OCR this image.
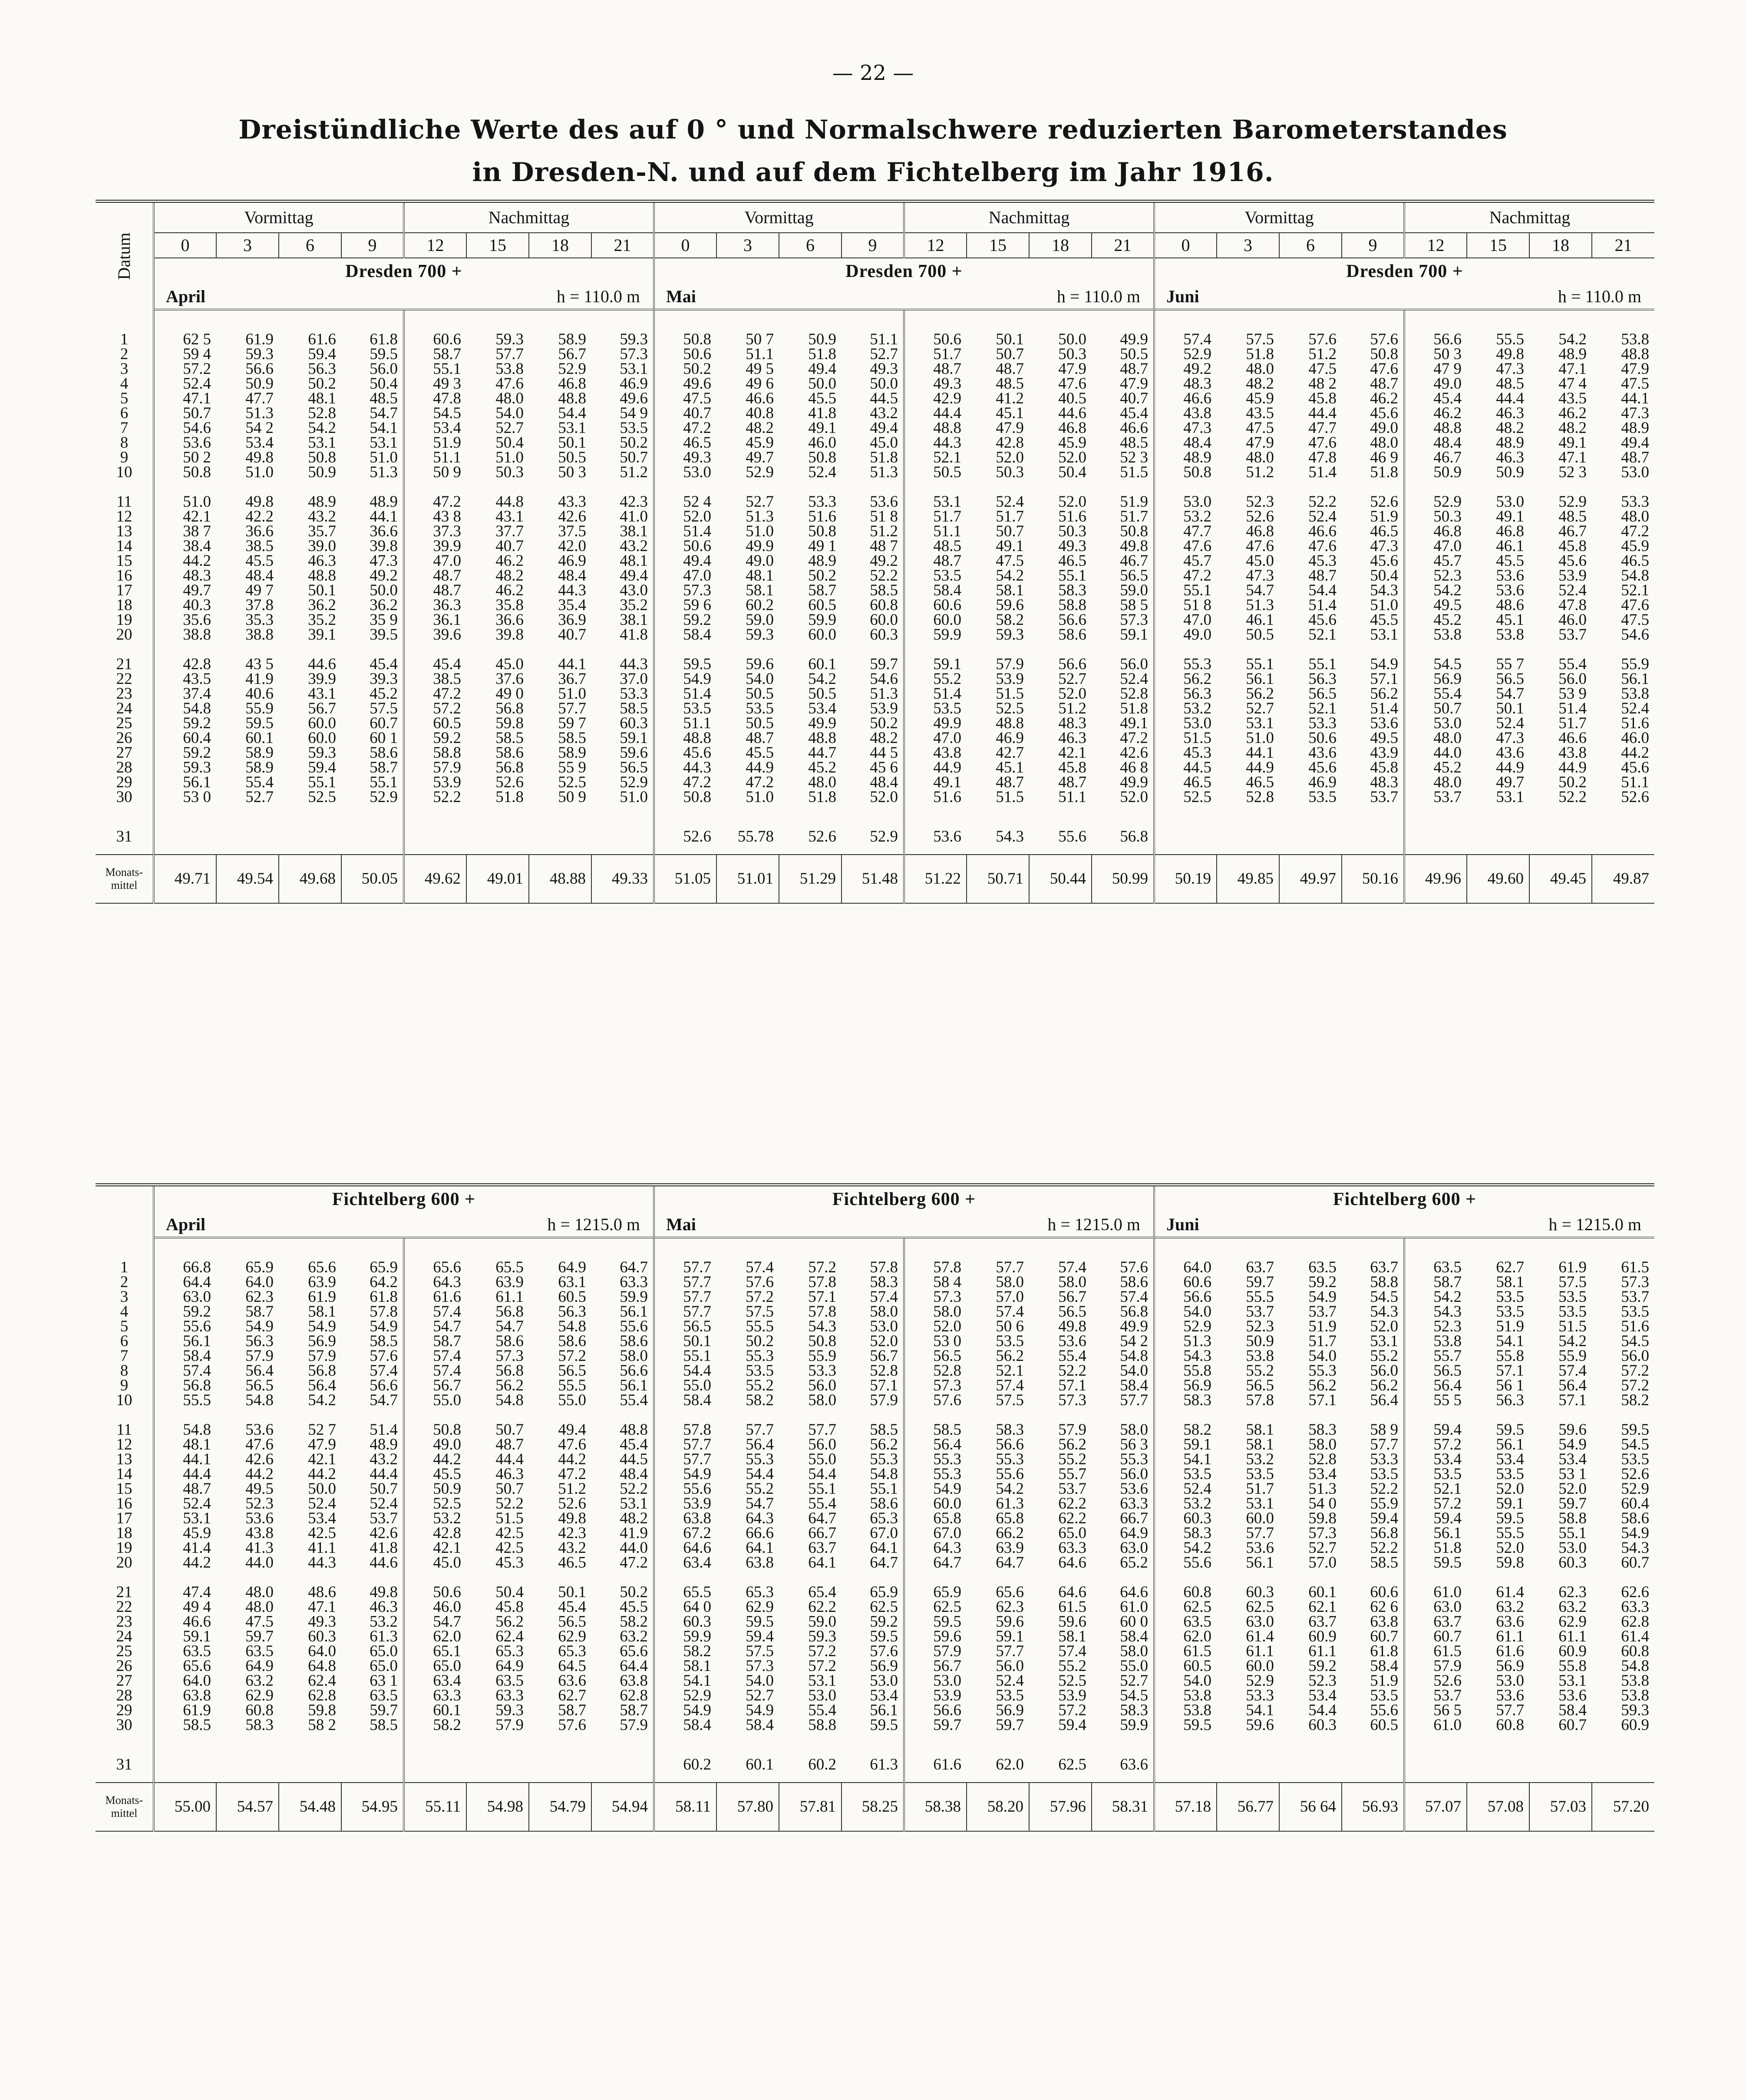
— 22 —
Dreistündliche Werte des auf 0 ° und Normalschwere reduzierten Barometerstandes
in Dresden-N. und auf dem Fichtelberg im Jahr 1916.
Datum	Vormittag				Nachmittag				Vormittag				Nachmittag				Vormittag				Nachmittag			
	0	3	6	9	12	15	18	21	0	3	6	9	12	15	18	21	0	3	6	9	12	15	18	21
	Dresden 700 +								Dresden 700 +								Dresden 700 +							
	April				h = 110.0 m				Mai				h = 110.0 m				Juni				h = 110.0 m			

1	62 5	61.9	61.6	61.8	60.6	59.3	58.9	59.3	50.8	50 7	50.9	51.1	50.6	50.1	50.0	49.9	57.4	57.5	57.6	57.6	56.6	55.5	54.2	53.8
2	59 4	59.3	59.4	59.5	58.7	57.7	56.7	57.3	50.6	51.1	51.8	52.7	51.7	50.7	50.3	50.5	52.9	51.8	51.2	50.8	50 3	49.8	48.9	48.8
3	57.2	56.6	56.3	56.0	55.1	53.8	52.9	53.1	50.2	49 5	49.4	49.3	48.7	48.7	47.9	48.7	49.2	48.0	47.5	47.6	47 9	47.3	47.1	47.9
4	52.4	50.9	50.2	50.4	49 3	47.6	46.8	46.9	49.6	49 6	50.0	50.0	49.3	48.5	47.6	47.9	48.3	48.2	48 2	48.7	49.0	48.5	47 4	47.5
5	47.1	47.7	48.1	48.5	47.8	48.0	48.8	49.6	47.5	46.6	45.5	44.5	42.9	41.2	40.5	40.7	46.6	45.9	45.8	46.2	45.4	44.4	43.5	44.1
6	50.7	51.3	52.8	54.7	54.5	54.0	54.4	54 9	40.7	40.8	41.8	43.2	44.4	45.1	44.6	45.4	43.8	43.5	44.4	45.6	46.2	46.3	46.2	47.3
7	54.6	54 2	54.2	54.1	53.4	52.7	53.1	53.5	47.2	48.2	49.1	49.4	48.8	47.9	46.8	46.6	47.3	47.5	47.7	49.0	48.8	48.2	48.2	48.9
8	53.6	53.4	53.1	53.1	51.9	50.4	50.1	50.2	46.5	45.9	46.0	45.0	44.3	42.8	45.9	48.5	48.4	47.9	47.6	48.0	48.4	48.9	49.1	49.4
9	50 2	49.8	50.8	51.0	51.1	51.0	50.5	50.7	49.3	49.7	50.8	51.8	52.1	52.0	52.0	52 3	48.9	48.0	47.8	46 9	46.7	46.3	47.1	48.7
10	50.8	51.0	50.9	51.3	50 9	50.3	50 3	51.2	53.0	52.9	52.4	51.3	50.5	50.3	50.4	51.5	50.8	51.2	51.4	51.8	50.9	50.9	52 3	53.0

11	51.0	49.8	48.9	48.9	47.2	44.8	43.3	42.3	52 4	52.7	53.3	53.6	53.1	52.4	52.0	51.9	53.0	52.3	52.2	52.6	52.9	53.0	52.9	53.3
12	42.1	42.2	43.2	44.1	43 8	43.1	42.6	41.0	52.0	51.3	51.6	51 8	51.7	51.7	51.6	51.7	53.2	52.6	52.4	51.9	50.3	49.1	48.5	48.0
13	38 7	36.6	35.7	36.6	37.3	37.7	37.5	38.1	51.4	51.0	50.8	51.2	51.1	50.7	50.3	50.8	47.7	46.8	46.6	46.5	46.8	46.8	46.7	47.2
14	38.4	38.5	39.0	39.8	39.9	40.7	42.0	43.2	50.6	49.9	49 1	48 7	48.5	49.1	49.3	49.8	47.6	47.6	47.6	47.3	47.0	46.1	45.8	45.9
15	44.2	45.5	46.3	47.3	47.0	46.2	46.9	48.1	49.4	49.0	48.9	49.2	48.7	47.5	46.5	46.7	45.7	45.0	45.3	45.6	45.7	45.5	45.6	46.5
16	48.3	48.4	48.8	49.2	48.7	48.2	48.4	49.4	47.0	48.1	50.2	52.2	53.5	54.2	55.1	56.5	47.2	47.3	48.7	50.4	52.3	53.6	53.9	54.8
17	49.7	49 7	50.1	50.0	48.7	46.2	44.3	43.0	57.3	58.1	58.7	58.5	58.4	58.1	58.3	59.0	55.1	54.7	54.4	54.3	54.2	53.6	52.4	52.1
18	40.3	37.8	36.2	36.2	36.3	35.8	35.4	35.2	59 6	60.2	60.5	60.8	60.6	59.6	58.8	58 5	51 8	51.3	51.4	51.0	49.5	48.6	47.8	47.6
19	35.6	35.3	35.2	35 9	36.1	36.6	36.9	38.1	59.2	59.0	59.9	60.0	60.0	58.2	56.6	57.3	47.0	46.1	45.6	45.5	45.2	45.1	46.0	47.5
20	38.8	38.8	39.1	39.5	39.6	39.8	40.7	41.8	58.4	59.3	60.0	60.3	59.9	59.3	58.6	59.1	49.0	50.5	52.1	53.1	53.8	53.8	53.7	54.6

21	42.8	43 5	44.6	45.4	45.4	45.0	44.1	44.3	59.5	59.6	60.1	59.7	59.1	57.9	56.6	56.0	55.3	55.1	55.1	54.9	54.5	55 7	55.4	55.9
22	43.5	41.9	39.9	39.3	38.5	37.6	36.7	37.0	54.9	54.0	54.2	54.6	55.2	53.9	52.7	52.4	56.2	56.1	56.3	57.1	56.9	56.5	56.0	56.1
23	37.4	40.6	43.1	45.2	47.2	49 0	51.0	53.3	51.4	50.5	50.5	51.3	51.4	51.5	52.0	52.8	56.3	56.2	56.5	56.2	55.4	54.7	53 9	53.8
24	54.8	55.9	56.7	57.5	57.2	56.8	57.7	58.5	53.5	53.5	53.4	53.9	53.5	52.5	51.2	51.8	53.2	52.7	52.1	51.4	50.7	50.1	51.4	52.4
25	59.2	59.5	60.0	60.7	60.5	59.8	59 7	60.3	51.1	50.5	49.9	50.2	49.9	48.8	48.3	49.1	53.0	53.1	53.3	53.6	53.0	52.4	51.7	51.6
26	60.4	60.1	60.0	60 1	59.2	58.5	58.5	59.1	48.8	48.7	48.8	48.2	47.0	46.9	46.3	47.2	51.5	51.0	50.6	49.5	48.0	47.3	46.6	46.0
27	59.2	58.9	59.3	58.6	58.8	58.6	58.9	59.6	45.6	45.5	44.7	44 5	43.8	42.7	42.1	42.6	45.3	44.1	43.6	43.9	44.0	43.6	43.8	44.2
28	59.3	58.9	59.4	58.7	57.9	56.8	55 9	56.5	44.3	44.9	45.2	45 6	44.9	45.1	45.8	46 8	44.5	44.9	45.6	45.8	45.2	44.9	44.9	45.6
29	56.1	55.4	55.1	55.1	53.9	52.6	52.5	52.9	47.2	47.2	48.0	48.4	49.1	48.7	48.7	49.9	46.5	46.5	46.9	48.3	48.0	49.7	50.2	51.1
30	53 0	52.7	52.5	52.9	52.2	51.8	50 9	51.0	50.8	51.0	51.8	52.0	51.6	51.5	51.1	52.0	52.5	52.8	53.5	53.7	53.7	53.1	52.2	52.6

31									52.6	55.78	52.6	52.9	53.6	54.3	55.6	56.8								

Monats-
mittel	49.71	49.54	49.68	50.05	49.62	49.01	48.88	49.33	51.05	51.01	51.29	51.48	51.22	50.71	50.44	50.99	50.19	49.85	49.97	50.16	49.96	49.60	49.45	49.87
	Fichtelberg 600 +								Fichtelberg 600 +								Fichtelberg 600 +							
	April				h = 1215.0 m				Mai				h = 1215.0 m				Juni				h = 1215.0 m			

1	66.8	65.9	65.6	65.9	65.6	65.5	64.9	64.7	57.7	57.4	57.2	57.8	57.8	57.7	57.4	57.6	64.0	63.7	63.5	63.7	63.5	62.7	61.9	61.5
2	64.4	64.0	63.9	64.2	64.3	63.9	63.1	63.3	57.7	57.6	57.8	58.3	58 4	58.0	58.0	58.6	60.6	59.7	59.2	58.8	58.7	58.1	57.5	57.3
3	63.0	62.3	61.9	61.8	61.6	61.1	60.5	59.9	57.7	57.2	57.1	57.4	57.3	57.0	56.7	57.4	56.6	55.5	54.9	54.5	54.2	53.5	53.5	53.7
4	59.2	58.7	58.1	57.8	57.4	56.8	56.3	56.1	57.7	57.5	57.8	58.0	58.0	57.4	56.5	56.8	54.0	53.7	53.7	54.3	54.3	53.5	53.5	53.5
5	55.6	54.9	54.9	54.9	54.7	54.7	54.8	55.6	56.5	55.5	54.3	53.0	52.0	50 6	49.8	49.9	52.9	52.3	51.9	52.0	52.3	51.9	51.5	51.6
6	56.1	56.3	56.9	58.5	58.7	58.6	58.6	58.6	50.1	50.2	50.8	52.0	53 0	53.5	53.6	54 2	51.3	50.9	51.7	53.1	53.8	54.1	54.2	54.5
7	58.4	57.9	57.9	57.6	57.4	57.3	57.2	58.0	55.1	55.3	55.9	56.7	56.5	56.2	55.4	54.8	54.3	53.8	54.0	55.2	55.7	55.8	55.9	56.0
8	57.4	56.4	56.8	57.4	57.4	56.8	56.5	56.6	54.4	53.5	53.3	52.8	52.8	52.1	52.2	54.0	55.8	55.2	55.3	56.0	56.5	57.1	57.4	57.2
9	56.8	56.5	56.4	56.6	56.7	56.2	55.5	56.1	55.0	55.2	56.0	57.1	57.3	57.4	57.1	58.4	56.9	56.5	56.2	56.2	56.4	56 1	56.4	57.2
10	55.5	54.8	54.2	54.7	55.0	54.8	55.0	55.4	58.4	58.2	58.0	57.9	57.6	57.5	57.3	57.7	58.3	57.8	57.1	56.4	55 5	56.3	57.1	58.2

11	54.8	53.6	52 7	51.4	50.8	50.7	49.4	48.8	57.8	57.7	57.7	58.5	58.5	58.3	57.9	58.0	58.2	58.1	58.3	58 9	59.4	59.5	59.6	59.5
12	48.1	47.6	47.9	48.9	49.0	48.7	47.6	45.4	57.7	56.4	56.0	56.2	56.4	56.6	56.2	56 3	59.1	58.1	58.0	57.7	57.2	56.1	54.9	54.5
13	44.1	42.6	42.1	43.2	44.2	44.4	44.2	44.5	57.7	55.3	55.0	55.3	55.3	55.3	55.2	55.3	54.1	53.2	52.8	53.3	53.4	53.4	53.4	53.5
14	44.4	44.2	44.2	44.4	45.5	46.3	47.2	48.4	54.9	54.4	54.4	54.8	55.3	55.6	55.7	56.0	53.5	53.5	53.4	53.5	53.5	53.5	53 1	52.6
15	48.7	49.5	50.0	50.7	50.9	50.7	51.2	52.2	55.6	55.2	55.1	55.1	54.9	54.2	53.7	53.6	52.4	51.7	51.3	52.2	52.1	52.0	52.0	52.9
16	52.4	52.3	52.4	52.4	52.5	52.2	52.6	53.1	53.9	54.7	55.4	58.6	60.0	61.3	62.2	63.3	53.2	53.1	54 0	55.9	57.2	59.1	59.7	60.4
17	53.1	53.6	53.4	53.7	53.2	51.5	49.8	48.2	63.8	64.3	64.7	65.3	65.8	65.8	62.2	66.7	60.3	60.0	59.8	59.4	59.4	59.5	58.8	58.6
18	45.9	43.8	42.5	42.6	42.8	42.5	42.3	41.9	67.2	66.6	66.7	67.0	67.0	66.2	65.0	64.9	58.3	57.7	57.3	56.8	56.1	55.5	55.1	54.9
19	41.4	41.3	41.1	41.8	42.1	42.5	43.2	44.0	64.6	64.1	63.7	64.1	64.3	63.9	63.3	63.0	54.2	53.6	52.7	52.2	51.8	52.0	53.0	54.3
20	44.2	44.0	44.3	44.6	45.0	45.3	46.5	47.2	63.4	63.8	64.1	64.7	64.7	64.7	64.6	65.2	55.6	56.1	57.0	58.5	59.5	59.8	60.3	60.7

21	47.4	48.0	48.6	49.8	50.6	50.4	50.1	50.2	65.5	65.3	65.4	65.9	65.9	65.6	64.6	64.6	60.8	60.3	60.1	60.6	61.0	61.4	62.3	62.6
22	49 4	48.0	47.1	46.3	46.0	45.8	45.4	45.5	64 0	62.9	62.2	62.5	62.5	62.3	61.5	61.0	62.5	62.5	62.1	62 6	63.0	63.2	63.2	63.3
23	46.6	47.5	49.3	53.2	54.7	56.2	56.5	58.2	60.3	59.5	59.0	59.2	59.5	59.6	59.6	60 0	63.5	63.0	63.7	63.8	63.7	63.6	62.9	62.8
24	59.1	59.7	60.3	61.3	62.0	62.4	62.9	63.2	59.9	59.4	59.3	59.5	59.6	59.1	58.1	58.4	62.0	61.4	60.9	60.7	60.7	61.1	61.1	61.4
25	63.5	63.5	64.0	65.0	65.1	65.3	65.3	65.6	58.2	57.5	57.2	57.6	57.9	57.7	57.4	58.0	61.5	61.1	61.1	61.8	61.5	61.6	60.9	60.8
26	65.6	64.9	64.8	65.0	65.0	64.9	64.5	64.4	58.1	57.3	57.2	56.9	56.7	56.0	55.2	55.0	60.5	60.0	59.2	58.4	57.9	56.9	55.8	54.8
27	64.0	63.2	62.4	63 1	63.4	63.5	63.6	63.8	54.1	54.0	53.1	53.0	53.0	52.4	52.5	52.7	54.0	52.9	52.3	51.9	52.6	53.0	53.1	53.8
28	63.8	62.9	62.8	63.5	63.3	63.3	62.7	62.8	52.9	52.7	53.0	53.4	53.9	53.5	53.9	54.5	53.8	53.3	53.4	53.5	53.7	53.6	53.6	53.8
29	61.9	60.8	59.8	59.7	60.1	59.3	58.7	58.7	54.9	54.9	55.4	56.1	56.6	56.9	57.2	58.3	53.8	54.1	54.4	55.6	56 5	57.7	58.4	59.3
30	58.5	58.3	58 2	58.5	58.2	57.9	57.6	57.9	58.4	58.4	58.8	59.5	59.7	59.7	59.4	59.9	59.5	59.6	60.3	60.5	61.0	60.8	60.7	60.9

31									60.2	60.1	60.2	61.3	61.6	62.0	62.5	63.6								

Monats-
mittel	55.00	54.57	54.48	54.95	55.11	54.98	54.79	54.94	58.11	57.80	57.81	58.25	58.38	58.20	57.96	58.31	57.18	56.77	56 64	56.93	57.07	57.08	57.03	57.20
